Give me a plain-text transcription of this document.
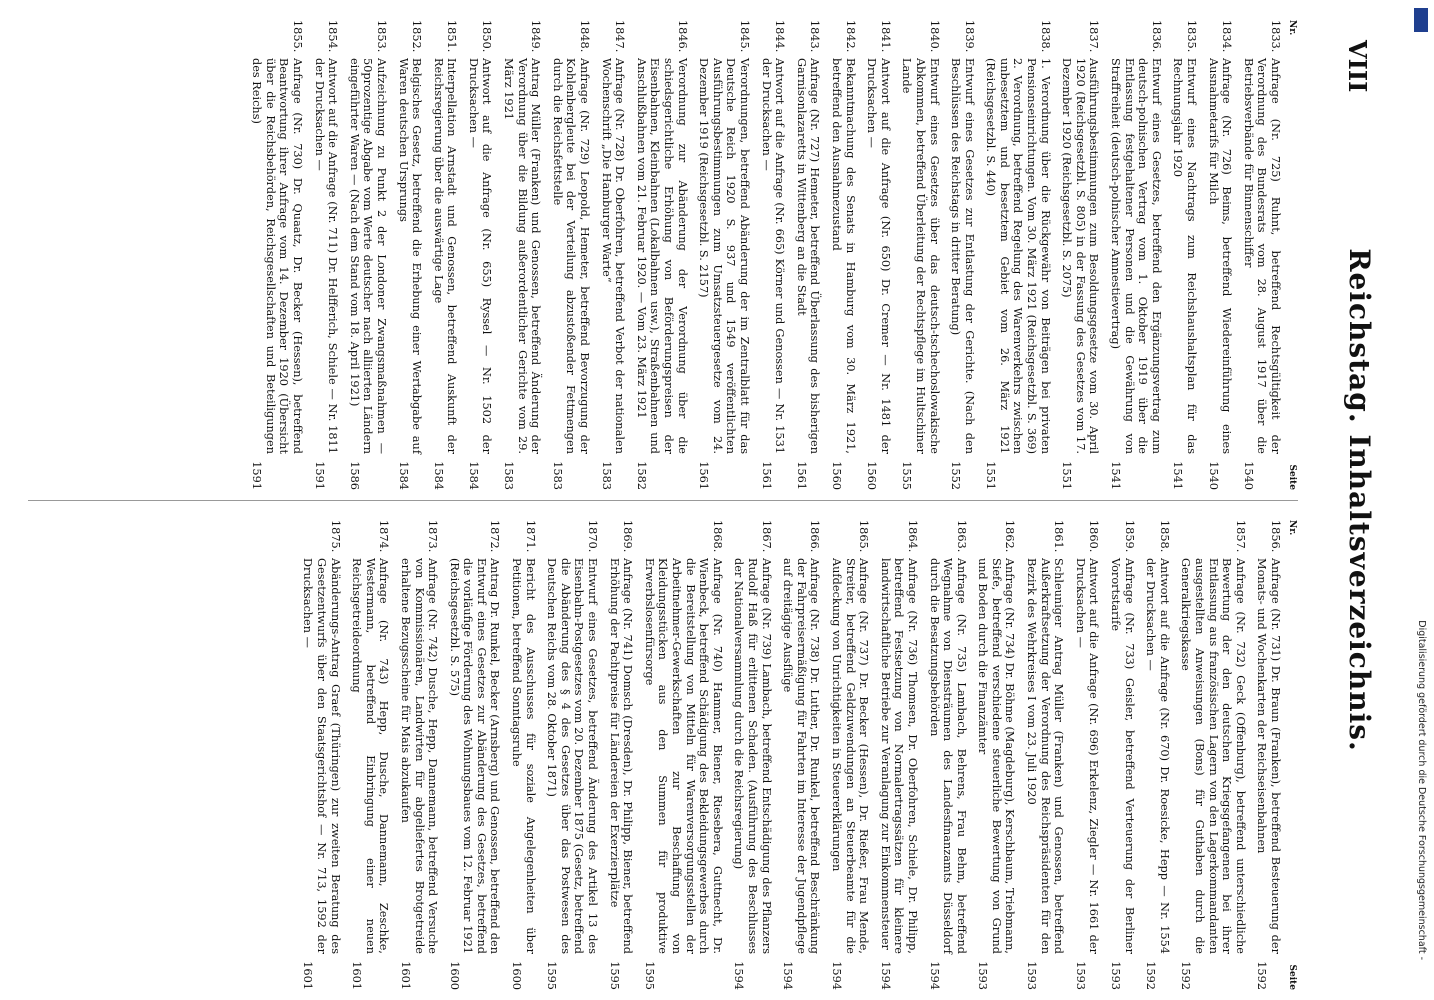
VIII
Reichstag. Inhaltsverzeichnis.
Nr.
Seite
1833.
Anfrage (Nr. 725) Ruhnt, betreffend Rechtsgültigkeit der Verordnung des Bundesrats vom 28. August 1917 über die Betriebsverbände für Binnenschiffer
1540
1834.
Anfrage (Nr. 726) Beims, betreffend Wiedereinführung eines Ausnahmetarifs für Milch
1540
1835.
Entwurf eines Nachtrags zum Reichshaushaltsplan für das Rechnungsjahr 1920
1541
1836.
Entwurf eines Gesetzes, betreffend den Ergänzungsvertrag zum deutsch-polnischen Vertrag vom 1. Oktober 1919 über die Entlassung festgehaltener Personen und die Gewährung von Straffreiheit (deutsch-polnischer Amnestievertrag)
1541
1837.
Ausführungsbestimmungen zum Besoldungsgesetze vom 30. April 1920 (Reichsgesetzbl. S. 805) in der Fassung des Gesetzes vom 17. Dezember 1920 (Reichsgesetzbl. S. 2075)
1551
1838.
1. Verordnung über die Rückgewähr von Beiträgen bei privaten Pensionseinrichtungen. Vom 30. März 1921 (Reichsgesetzbl. S. 369) 2. Verordnung, betreffend Regelung des Warenverkehrs zwischen unbesetztem und besetztem Gebiet vom 26. März 1921 (Reichsgesetzbl. S. 440)
1551
1839.
Entwurf eines Gesetzes zur Entlastung der Gerichte. (Nach den Beschlüssen des Reichstags in dritter Beratung)
1552
1840.
Entwurf eines Gesetzes über das deutsch-tschechoslowakische Abkommen, betreffend Überleitung der Rechtspflege im Hultschiner Lande
1555
1841.
Antwort auf die Anfrage (Nr. 650) Dr. Cremer — Nr. 1481 der Drucksachen —
1560
1842.
Bekanntmachung des Senats in Hamburg vom 30. März 1921, betreffend den Ausnahmezustand
1560
1843.
Anfrage (Nr. 727) Hemeter, betreffend Überlassung des bisherigen Garnisonlazaretts in Wittenberg an die Stadt
1561
1844.
Antwort auf die Anfrage (Nr. 665) Körner und Genossen — Nr. 1531 der Drucksachen —
1561
1845.
Verordnungen, betreffend Abänderung der im Zentralblatt für das Deutsche Reich 1920 S. 937 und 1549 veröffentlichten Ausführungsbestimmungen zum Umsatzsteuergesetze vom 24. Dezember 1919 (Reichsgesetzbl. S. 2157)
1561
1846.
Verordnung zur Abänderung der Verordnung über die schiedsgerichtliche Erhöhung von Beförderungspreisen der Eisenbahnen, Kleinbahnen (Lokalbahnen usw.), Straßenbahnen und Anschlußbahnen vom 21. Februar 1920. — Vom 23. März 1921
1582
1847.
Anfrage (Nr. 728) Dr. Oberfohren, betreffend Verbot der nationalen Wochenschrift „Die Hamburger Warte“
1583
1848.
Anfrage (Nr. 729) Leopold, Hemeter, betreffend Bevorzugung der Kohlenbergleute bei der Verteilung abzustoßender Fettmengen durch die Reichsfettstelle
1583
1849.
Antrag Müller (Franken) und Genossen, betreffend Änderung der Verordnung über die Bildung außerordentlicher Gerichte vom 29. März 1921
1583
1850.
Antwort auf die Anfrage (Nr. 655) Ryssel — Nr. 1502 der Drucksachen —
1584
1851.
Interpellation Arnstadt und Genossen, betreffend Auskunft der Reichsregierung über die auswärtige Lage
1584
1852.
Belgisches Gesetz, betreffend die Erhebung einer Wertabgabe auf Waren deutschen Ursprungs
1584
1853.
Aufzeichnung zu Punkt 2 der Londoner Zwangsmaßnahmen — 50prozentige Abgabe vom Werte deutscher nach alliierten Ländern eingeführter Waren — (Nach dem Stand vom 18. April 1921)
1586
1854.
Antwort auf die Anfrage (Nr. 711) Dr. Helfferich, Schiele — Nr. 1811 der Drucksachen —
1591
1855.
Anfrage (Nr. 730) Dr. Quaatz, Dr. Becker (Hessen), betreffend Beantwortung ihrer Anfrage vom 14. Dezember 1920 (Übersicht über die Reichsbehörden, Reichsgesellschaften und Beteiligungen des Reichs)
1591
Nr.
Seite
1856.
Anfrage (Nr. 731) Dr. Braun (Franken), betreffend Besteuerung der Monats- und Wochenkarten der Reichseisenbahnen
1592
1857.
Anfrage (Nr. 732) Geck (Offenburg), betreffend unterschiedliche Bewertung der den deutschen Kriegsgefangenen bei ihrer Entlassung aus französischen Lagern von den Lagerkommandanten ausgestellten Anweisungen (Bons) für Guthaben durch die Generalkriegskasse
1592
1858.
Antwort auf die Anfrage (Nr. 670) Dr. Roesicke, Hepp — Nr. 1554 der Drucksachen —
1592
1859.
Anfrage (Nr. 733) Geisler, betreffend Verteuerung der Berliner Vorortstarife
1593
1860.
Antwort auf die Anfrage (Nr. 696) Erkelenz, Ziegler — Nr. 1661 der Drucksachen —
1593
1861.
Schleuniger Antrag Müller (Franken) und Genossen, betreffend Außerkraftsetzung der Verordnung des Reichspräsidenten für den Bezirk des Wehrkreises I vom 23. Juli 1920
1593
1862.
Anfrage (Nr. 734) Dr. Böhme (Magdeburg), Kerschbaum, Triebmann, Siefe, betreffend verschiedene steuerliche Bewertung von Grund und Boden durch die Finanzämter
1593
1863.
Anfrage (Nr. 735) Lambach, Behrens, Frau Behm, betreffend Wegnahme von Diensträumen des Landesfinanzamts Düsseldorf durch die Besatzungsbehörden
1594
1864.
Anfrage (Nr. 736) Thomsen, Dr. Oberfohren, Schiele, Dr. Philipp, betreffend Festsetzung von Normalertragssätzen für kleinere landwirtschaftliche Betriebe zur Veranlagung zur Einkommensteuer
1594
1865.
Anfrage (Nr. 737) Dr. Becker (Hessen), Dr. Rießer, Frau Mende, Streiter, betreffend Geldzuwendungen an Steuerbeamte für die Aufdeckung von Unrichtigkeiten in Steuererklärungen
1594
1866.
Anfrage (Nr. 738) Dr. Luther, Dr. Runkel, betreffend Beschränkung der Fahrpreisermäßigung für Fahrten im Interesse der Jugendpflege auf dreitägige Ausflüge
1594
1867.
Anfrage (Nr. 739) Lambach, betreffend Entschädigung des Pflanzers Rudolf Haß für erlittenen Schaden. (Ausführung des Beschlusses der Nationalversammlung durch die Reichsregierung)
1594
1868.
Anfrage (Nr. 740) Hammer, Biener, Riesebera, Guttnecht, Dr. Wienbeck, betreffend Schädigung des Bekleidungsgewerbes durch die Bereitstellung von Mitteln für Warenversorgungsstellen der Arbeitnehmer-Gewerkschaften zur Beschaffung von Kleidungsstücken aus den Summen für produktive Erwerbslosenfürsorge
1595
1869.
Anfrage (Nr. 741) Domsch (Dresden), Dr. Philipp, Biener, betreffend Erhöhung der Pachtpreise für Ländereien der Exerzierplätze
1595
1870.
Entwurf eines Gesetzes, betreffend Änderung des Artikel 13 des Eisenbahn-Postgesetzes vom 20. Dezember 1875 (Gesetz, betreffend die Abänderung des § 4 des Gesetzes über das Postwesen des Deutschen Reichs vom 28. Oktober 1871)
1595
1871.
Bericht des Ausschusses für soziale Angelegenheiten über Petitionen, betreffend Sonntagsruhe
1600
1872.
Antrag Dr. Runkel, Becker (Arnsberg) und Genossen, betreffend den Entwurf eines Gesetzes zur Abänderung des Gesetzes, betreffend die vorläufige Förderung des Wohnungsbaues vom 12. Februar 1921 (Reichsgesetzbl. S. 575)
1600
1873.
Anfrage (Nr. 742) Dusche, Hepp, Dannemann, betreffend Versuche von Kommissionären, Landwirten für abgeliefertes Brotgetreide erhaltene Bezugsscheine für Mais abzukaufen
1601
1874.
Anfrage (Nr. 743) Hepp, Dusche, Dannemann, Zeschke, Westermann, betreffend Einbringung einer neuen Reichsgetreideordnung
1601
1875.
Abänderungs-Antrag Graef (Thüringen) zur zweiten Beratung des Gesetzentwurfs über den Staatsgerichtshof — Nr. 713, 1592 der Drucksachen —
1601
Digitalisierung gefördert durch die Deutsche Forschungsgemeinschaft -
